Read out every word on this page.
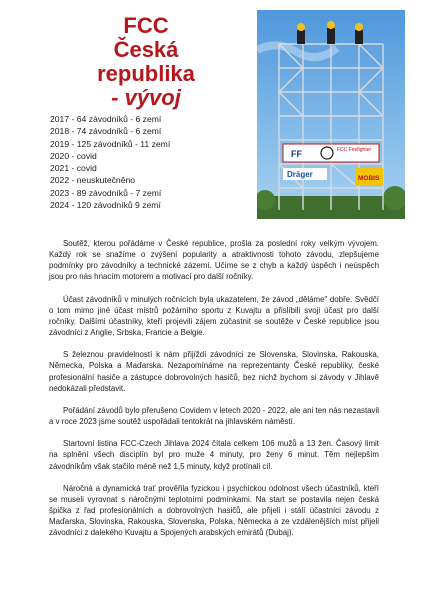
FCC
Česká republika
- vývoj
2017 - 64 závodníků - 6 zemí
2018 - 74 závodníků - 6 zemí
2019 - 125 závodníků - 11 zemí
2020 - covid
2021 - covid
2022 - neuskutečněno
2023 - 89 závodníků - 7 zemí
2024 - 120 závodníků 9 zemí
FF	FCC Firefighter
Dräger	MOBIS

Soutěž, kterou pořádáme v České republice, prošla za poslední roky velkým vývojem. Každý rok se snažíme o zvýšení popularity a atraktivnosti tohoto závodu, zlepšujeme podmínky pro závodníky a technické zázemí. Učíme se z chyb a každý úspěch i neúspěch jsou pro nás hnacím motorem a motivací pro další ročníky.

Účast závodníků v minulých ročnících byla ukazatelem, že závod „děláme" dobře. Svědčí o tom mimo jiné účast mistrů požárního sportu z Kuvajtu a přislíbili svoji účast pro další ročníky. Dalšími účastníky, kteří projevili zájem zúčastnit se soutěže v České republice jsou závodníci z Anglie, Srbska, Francie a Belgie.

S železnou pravidelností k nám přijíždí závodníci ze Slovenska, Slovinska, Rakouska, Německa, Polska a Maďarska. Nezapomínáme na reprezentanty České republiky, české profesionální hasiče a zástupce dobrovolných hasičů, bez nichž bychom si závody v Jihlavě nedokázali představit.

Pořádání závodů bylo přerušeno Covidem v letech 2020 - 2022, ale ani ten nás nezastavil a v roce 2023 jsme soutěž uspořádali tentokrát na jihlavském náměstí.

Startovní listina FCC-Czech Jihlava 2024 čítala celkem 106 mužů a 13 žen. Časový limit na splnění všech disciplín byl pro muže 4 minuty, pro ženy 6 minut. Těm nejlepším závodníkům však stačilo méně než 1,5 minuty, když protínali cíl.

Náročná a dynamická trať prověřila fyzickou i psychickou odolnost všech účastníků, kteří se museli vyrovnat s náročnými teplotními podmínkami. Na start se postavila nejen česká špička z řad profesionálních a dobrovolných hasičů, ale přijeli i stálí účastníci závodu z Maďarska, Slovinska, Rakouska, Slovenska, Polska, Německa a ze vzdálenějších míst přijeli závodníci z dalekého Kuvajtu a Spojených arabských emirátů (Dubaj).
